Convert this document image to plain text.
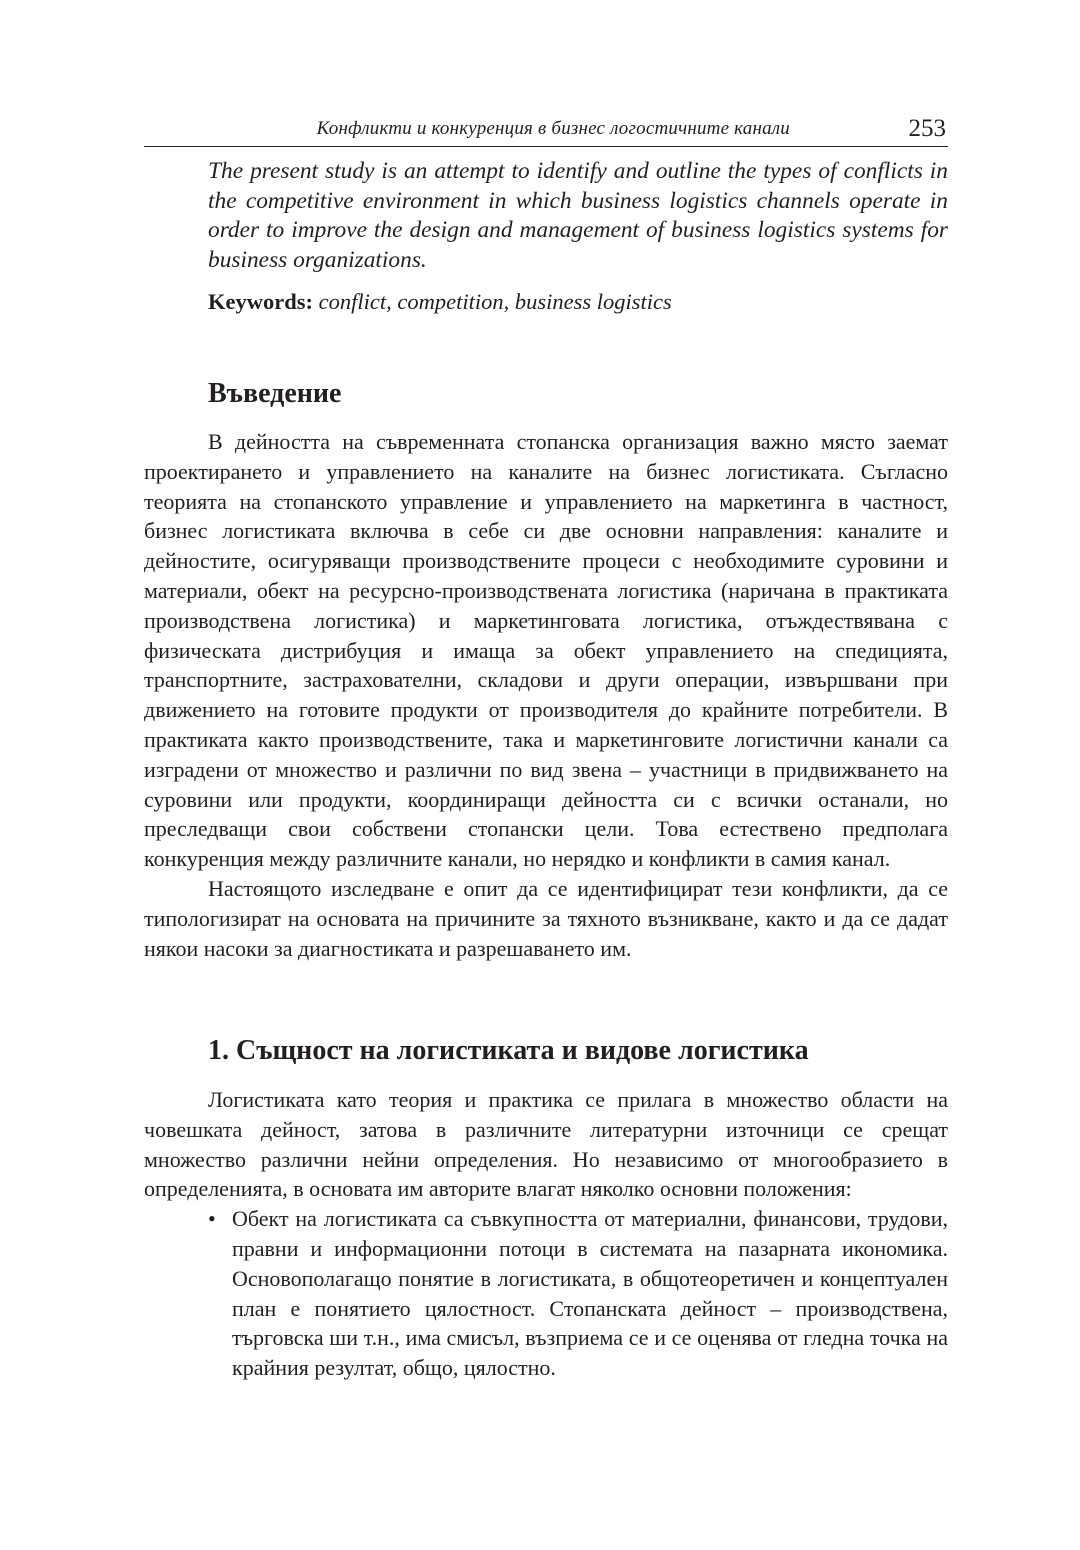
Конфликти и конкуренция в бизнес логостичните канали	253

The present study is an attempt to identify and outline the types of conflicts in the competitive environment in which business logistics channels operate in order to improve the design and management of business logistics systems for business organizations.

Keywords: conflict, competition, business logistics

Въведение

В дейността на съвременната стопанска организация важно място заемат проектирането и управлението на каналите на бизнес логистиката. Съгласно теорията на стопанското управление и управлението на маркетинга в частност, бизнес логистиката включва в себе си две основни направления: каналите и дейностите, осигуряващи производствените процеси с необходимите суровини и материали, обект на ресурсно-производствената логистика (наричана в практиката производствена логистика) и маркетинговата логистика, отъждествявана с физическата дистрибуция и имаща за обект управлението на спедицията, транспортните, застрахователни, складови и други операции, извършвани при движението на готовите продукти от производителя до крайните потребители. В практиката както производствените, така и маркетинговите логистични канали са изградени от множество и различни по вид звена – участници в придвижването на суровини или продукти, координиращи дейността си с всички останали, но преследващи свои собствени стопански цели. Това естествено предполага конкуренция между различните канали, но нерядко и конфликти в самия канал.

Настоящото изследване е опит да се идентифицират тези конфликти, да се типологизират на основата на причините за тяхното възникване, както и да се дадат някои насоки за диагностиката и разрешаването им.

1. Същност на логистиката и видове логистика

Логистиката като теория и практика се прилага в множество области на човешката дейност, затова в различните литературни източници се срещат множество различни нейни определения. Но независимо от многообразието в определенията, в основата им авторите влагат няколко основни положения:

• Обект на логистиката са съвкупността от материални, финансови, трудови, правни и информационни потоци в системата на пазарната икономика. Основополагащо понятие в логистиката, в общотеоретичен и концептуален план е понятието цялостност. Стопанската дейност – производствена, търговска ши т.н., има смисъл, възприема се и се оценява от гледна точка на крайния резултат, общо, цялостно.
